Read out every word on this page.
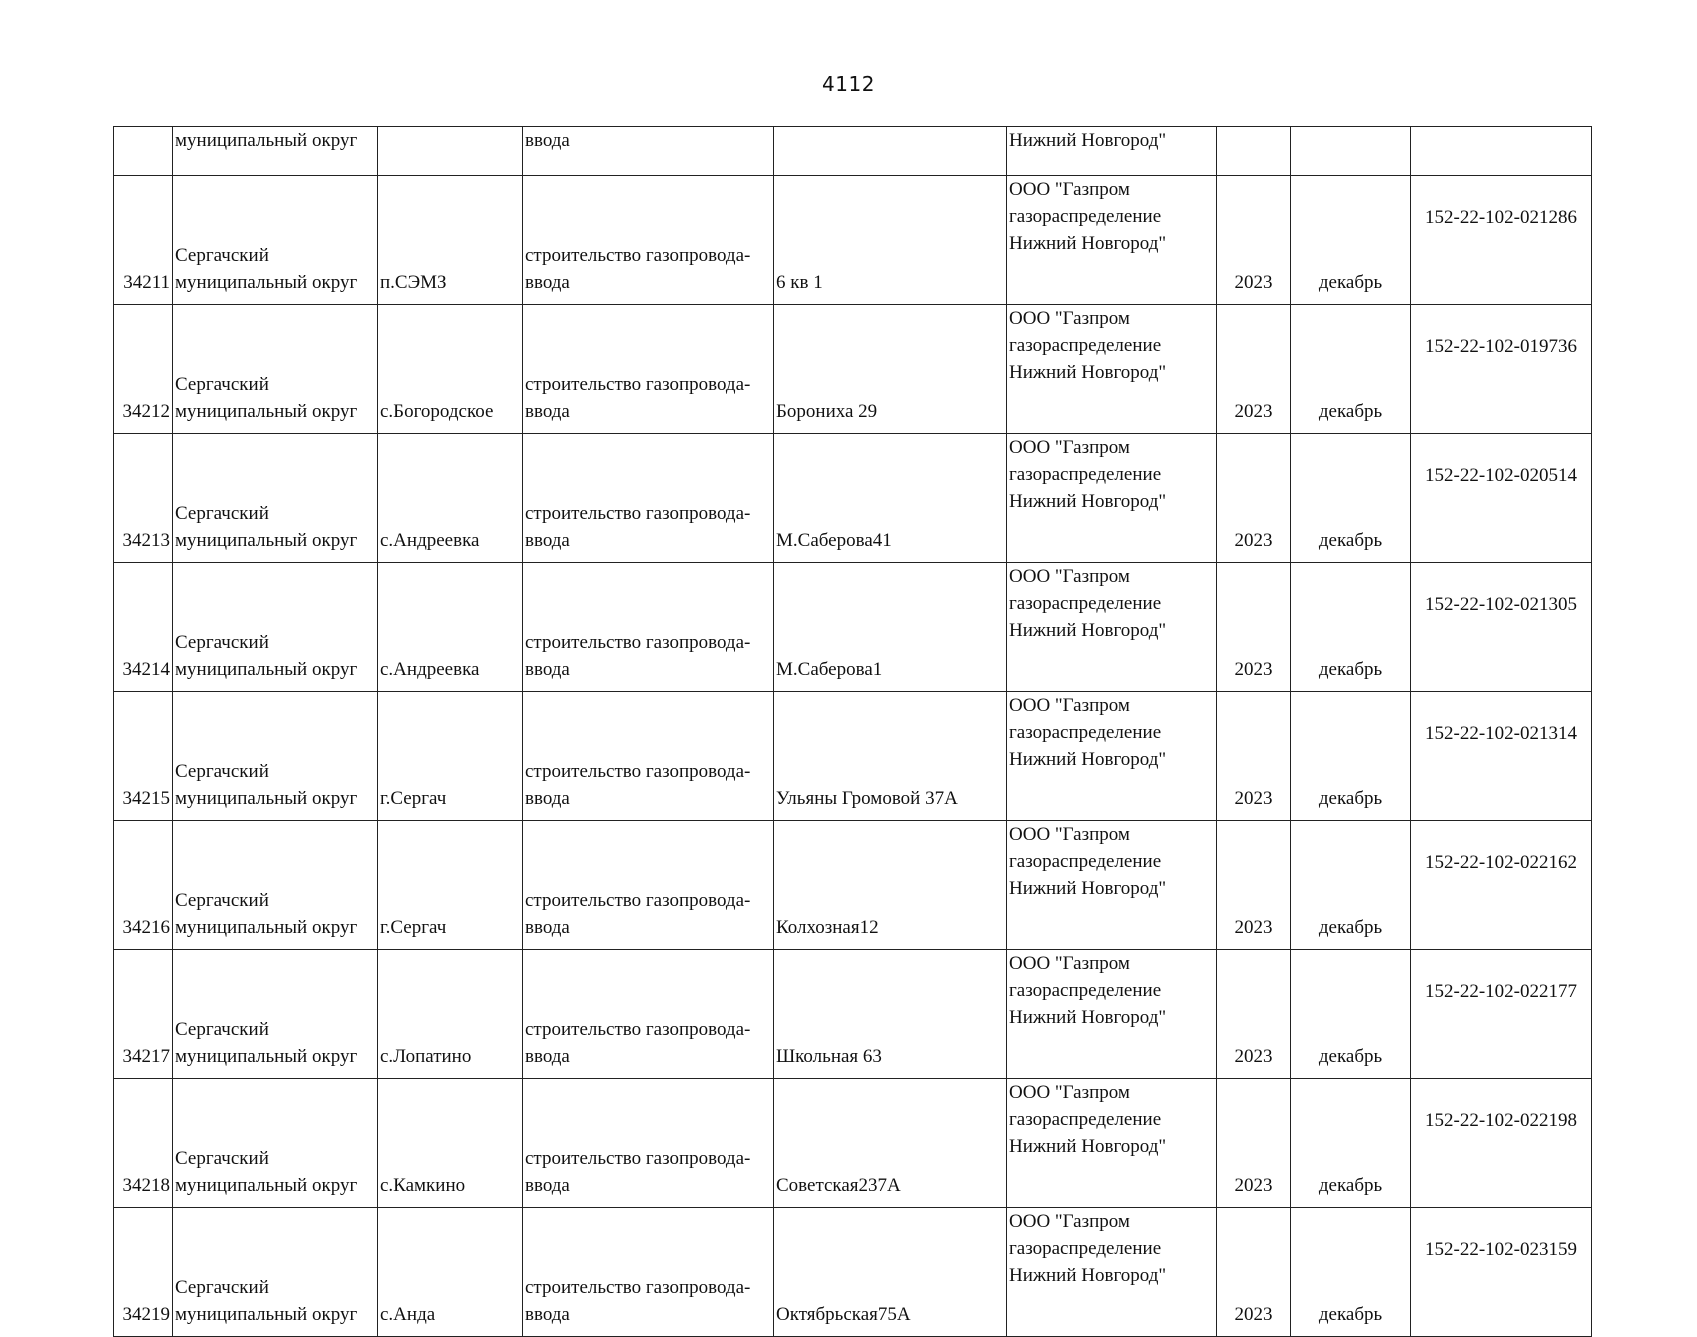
4112
	муниципальный округ		ввода		Нижний Новгород"			
34211	Сергачский
муниципальный округ	п.СЭМЗ	строительство газопровода-
ввода	6 кв 1	ООО "Газпром
газораспределение
Нижний Новгород"	2023	декабрь	152-22-102-021286
34212	Сергачский
муниципальный округ	с.Богородское	строительство газопровода-
ввода	Борониха 29	ООО "Газпром
газораспределение
Нижний Новгород"	2023	декабрь	152-22-102-019736
34213	Сергачский
муниципальный округ	с.Андреевка	строительство газопровода-
ввода	М.Саберова41	ООО "Газпром
газораспределение
Нижний Новгород"	2023	декабрь	152-22-102-020514
34214	Сергачский
муниципальный округ	с.Андреевка	строительство газопровода-
ввода	М.Саберова1	ООО "Газпром
газораспределение
Нижний Новгород"	2023	декабрь	152-22-102-021305
34215	Сергачский
муниципальный округ	г.Сергач	строительство газопровода-
ввода	Ульяны Громовой 37А	ООО "Газпром
газораспределение
Нижний Новгород"	2023	декабрь	152-22-102-021314
34216	Сергачский
муниципальный округ	г.Сергач	строительство газопровода-
ввода	Колхозная12	ООО "Газпром
газораспределение
Нижний Новгород"	2023	декабрь	152-22-102-022162
34217	Сергачский
муниципальный округ	с.Лопатино	строительство газопровода-
ввода	Школьная 63	ООО "Газпром
газораспределение
Нижний Новгород"	2023	декабрь	152-22-102-022177
34218	Сергачский
муниципальный округ	с.Камкино	строительство газопровода-
ввода	Советская237А	ООО "Газпром
газораспределение
Нижний Новгород"	2023	декабрь	152-22-102-022198
34219	Сергачский
муниципальный округ	с.Анда	строительство газопровода-
ввода	Октябрьская75А	ООО "Газпром
газораспределение
Нижний Новгород"	2023	декабрь	152-22-102-023159
